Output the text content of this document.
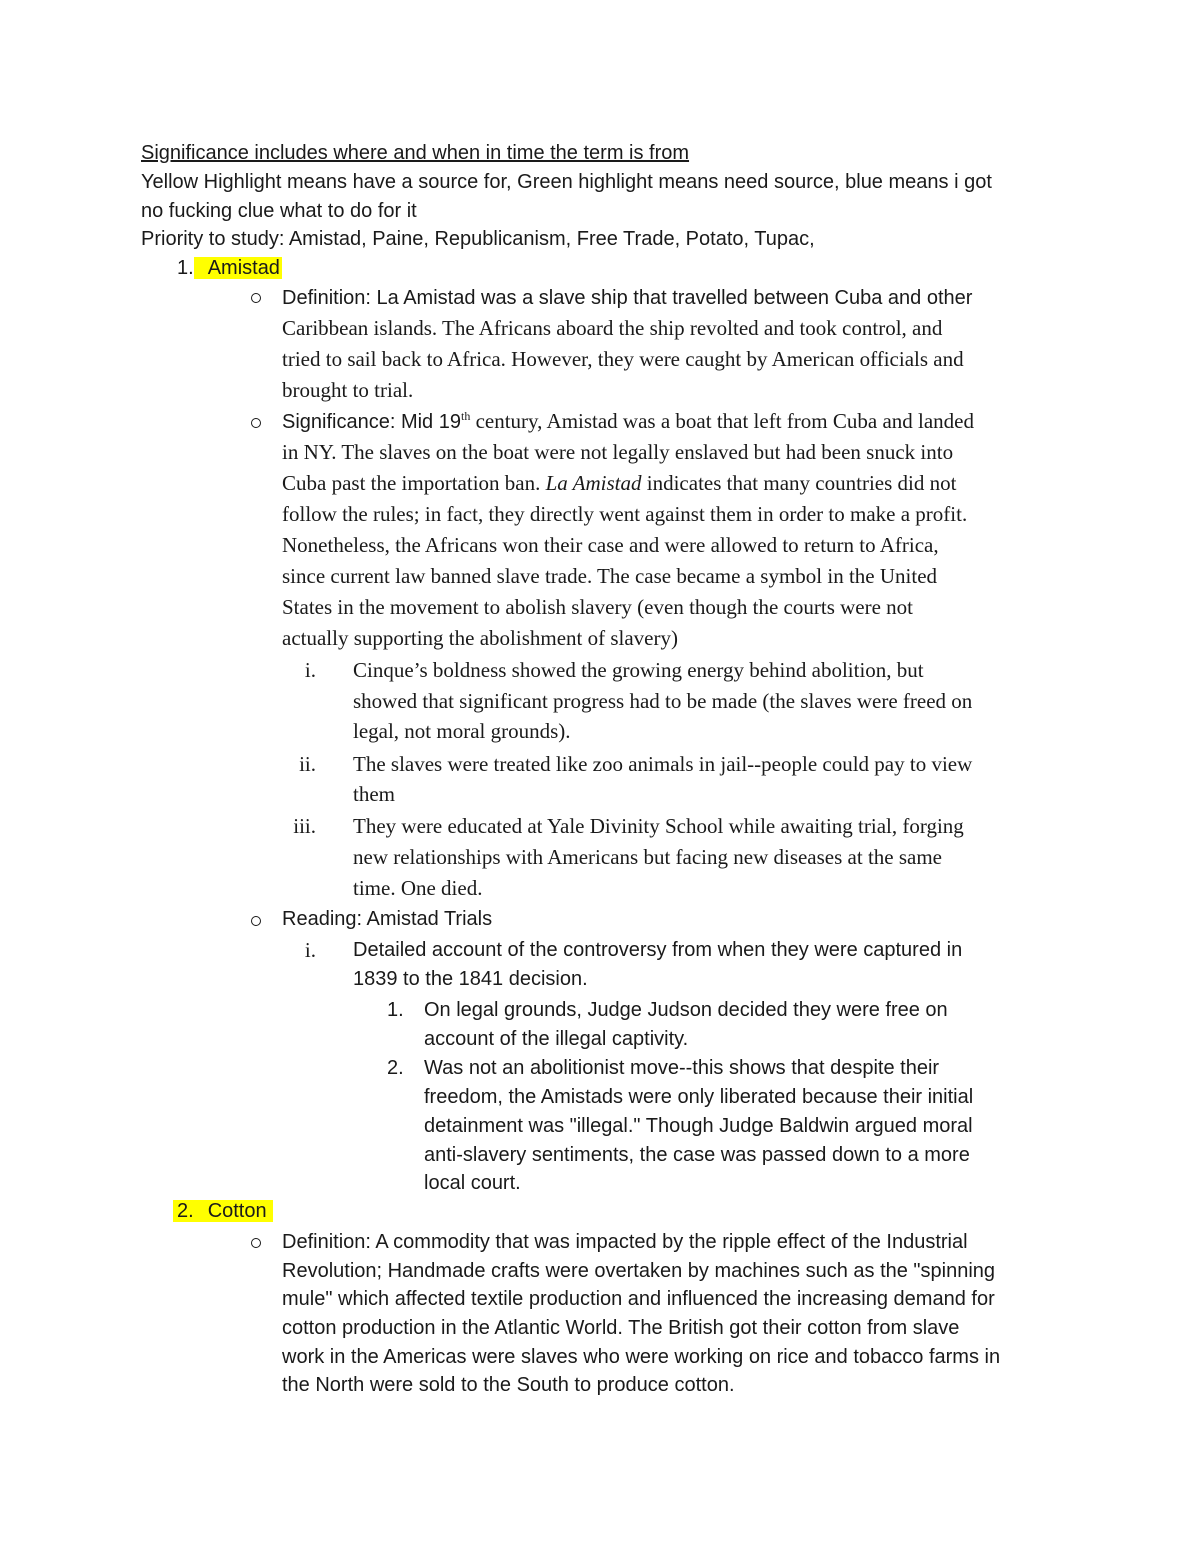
Significance includes where and when in time the term is from
Yellow Highlight means have a source for, Green highlight means need source, blue means i got
no fucking clue what to do for it
Priority to study: Amistad, Paine, Republicanism, Free Trade, Potato, Tupac,
1. Amistad
Definition: La Amistad was a slave ship that travelled between Cuba and other
Caribbean islands. The Africans aboard the ship revolted and took control, and
tried to sail back to Africa. However, they were caught by American officials and
brought to trial.
Significance: Mid 19th century, Amistad was a boat that left from Cuba and landed
in NY. The slaves on the boat were not legally enslaved but had been snuck into
Cuba past the importation ban. La Amistad indicates that many countries did not
follow the rules; in fact, they directly went against them in order to make a profit.
Nonetheless, the Africans won their case and were allowed to return to Africa,
since current law banned slave trade. The case became a symbol in the United
States in the movement to abolish slavery (even though the courts were not
actually supporting the abolishment of slavery)
i. Cinque’s boldness showed the growing energy behind abolition, but
showed that significant progress had to be made (the slaves were freed on
legal, not moral grounds).
ii. The slaves were treated like zoo animals in jail--people could pay to view
them
iii. They were educated at Yale Divinity School while awaiting trial, forging
new relationships with Americans but facing new diseases at the same
time. One died.
Reading: Amistad Trials
i. Detailed account of the controversy from when they were captured in
1839 to the 1841 decision.
1. On legal grounds, Judge Judson decided they were free on
account of the illegal captivity.
2. Was not an abolitionist move--this shows that despite their
freedom, the Amistads were only liberated because their initial
detainment was "illegal." Though Judge Baldwin argued moral
anti-slavery sentiments, the case was passed down to a more
local court.
2. Cotton
Definition: A commodity that was impacted by the ripple effect of the Industrial
Revolution; Handmade crafts were overtaken by machines such as the "spinning
mule" which affected textile production and influenced the increasing demand for
cotton production in the Atlantic World. The British got their cotton from slave
work in the Americas were slaves who were working on rice and tobacco farms in
the North were sold to the South to produce cotton.
